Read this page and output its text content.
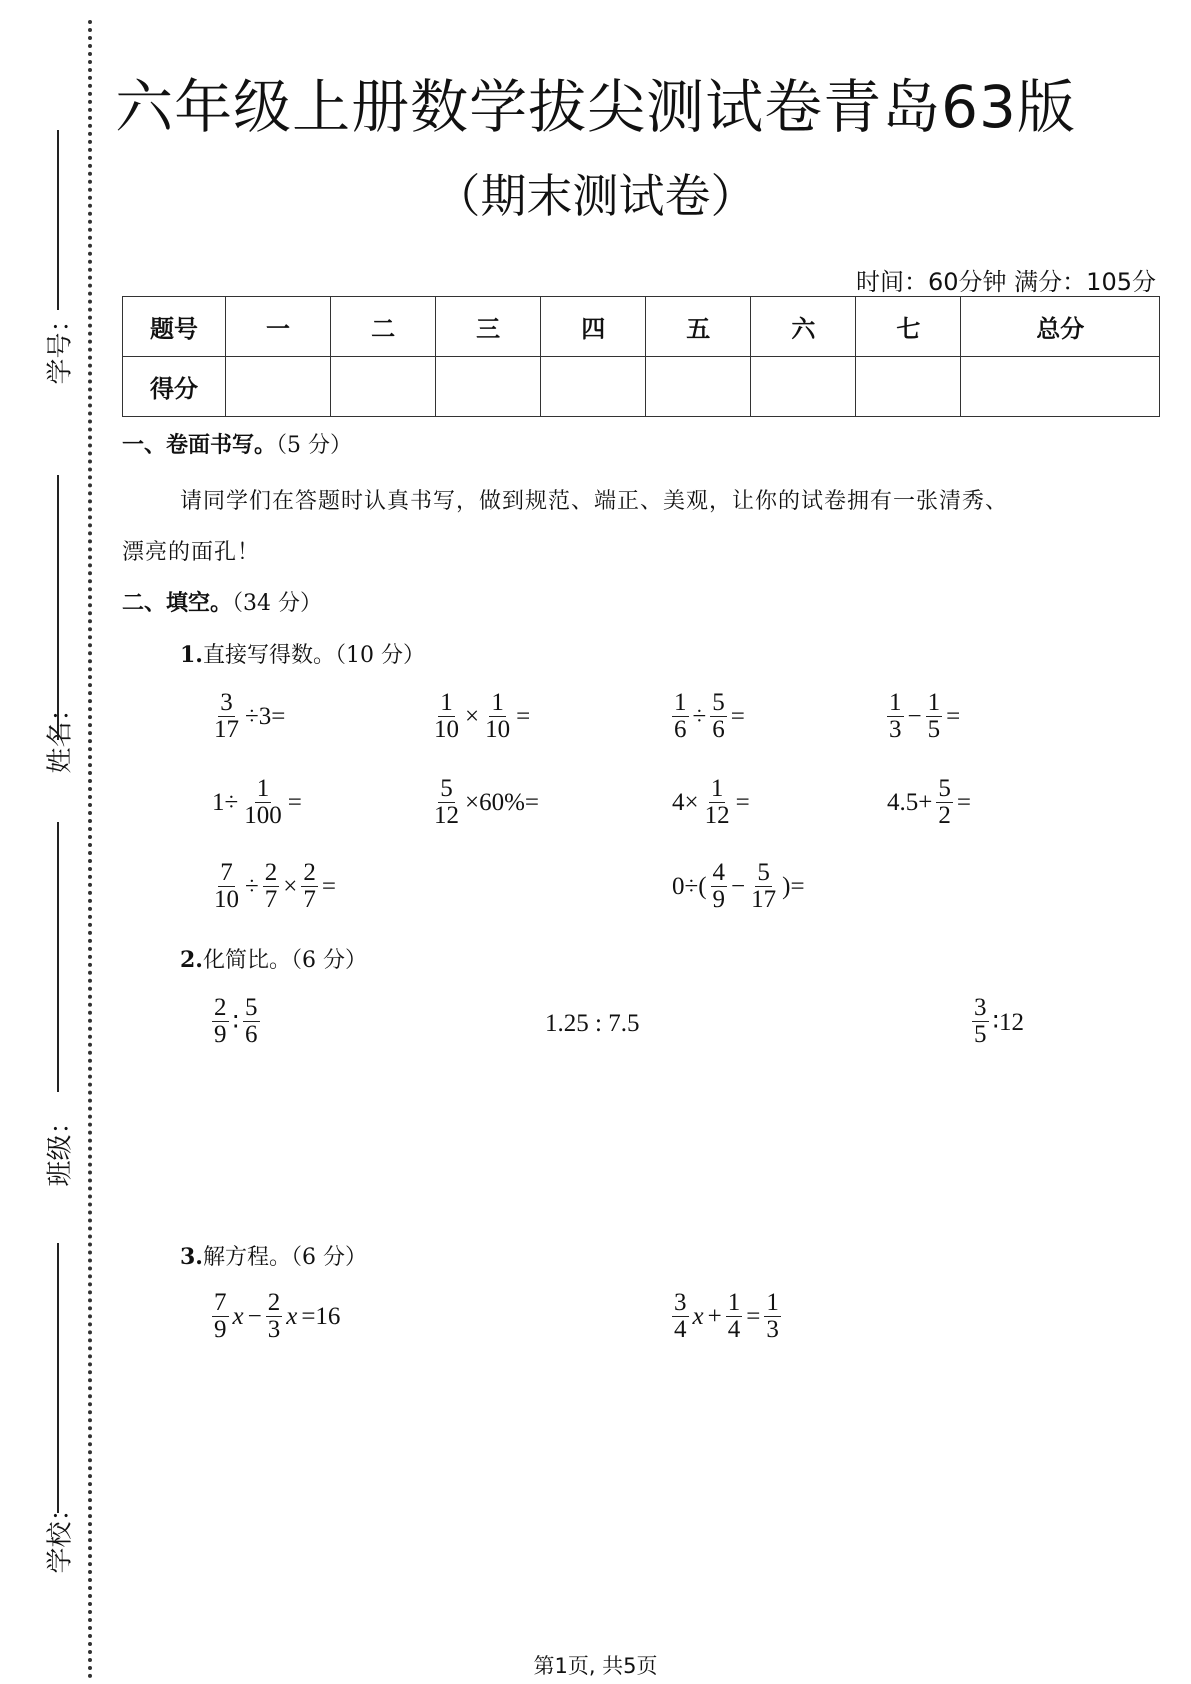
学号：
姓名：
班级：
学校：
六年级上册数学拔尖测试卷青岛63版
（期末测试卷）
时间：60分钟 满分：105分
题号	一	二	三	四	五	六	七	总分
得分								
一、卷面书写。（5 分）
请同学们在答题时认真书写，做到规范、端正、美观，让你的试卷拥有一张清秀、
漂亮的面孔！
二、填空。（34 分）
1.直接写得数。（10 分）
$\frac{3}{17} \div 3=$	$\frac{1}{10} \times \frac{1}{10}$ =	$\frac{1}{6} \div \frac{5}{6}$ =	$\frac{1}{3} - \frac{1}{5}$ =
$1\div \frac{1}{100}$ =	$\frac{5}{12} \times 60\%=$	$4\times \frac{1}{12}$ =	$4.5+ \frac{5}{2}$ =
$\frac{7}{10} \div \frac{2}{7} \times \frac{2}{7}$ =	$0\div( \frac{4}{9} - \frac{5}{17}$ )=
2.化简比。（6 分）
$\frac{2}{9}$ ∶ $\frac{5}{6}$	1.25 : 7.5	$\frac{3}{5}$ ∶12
3.解方程。（6 分）
$\frac{7}{9}$ $x - \frac{2}{3}$ x =16	$\frac{3}{4}$ $x + \frac{1}{4} = \frac{1}{3}$
第1页, 共5页
